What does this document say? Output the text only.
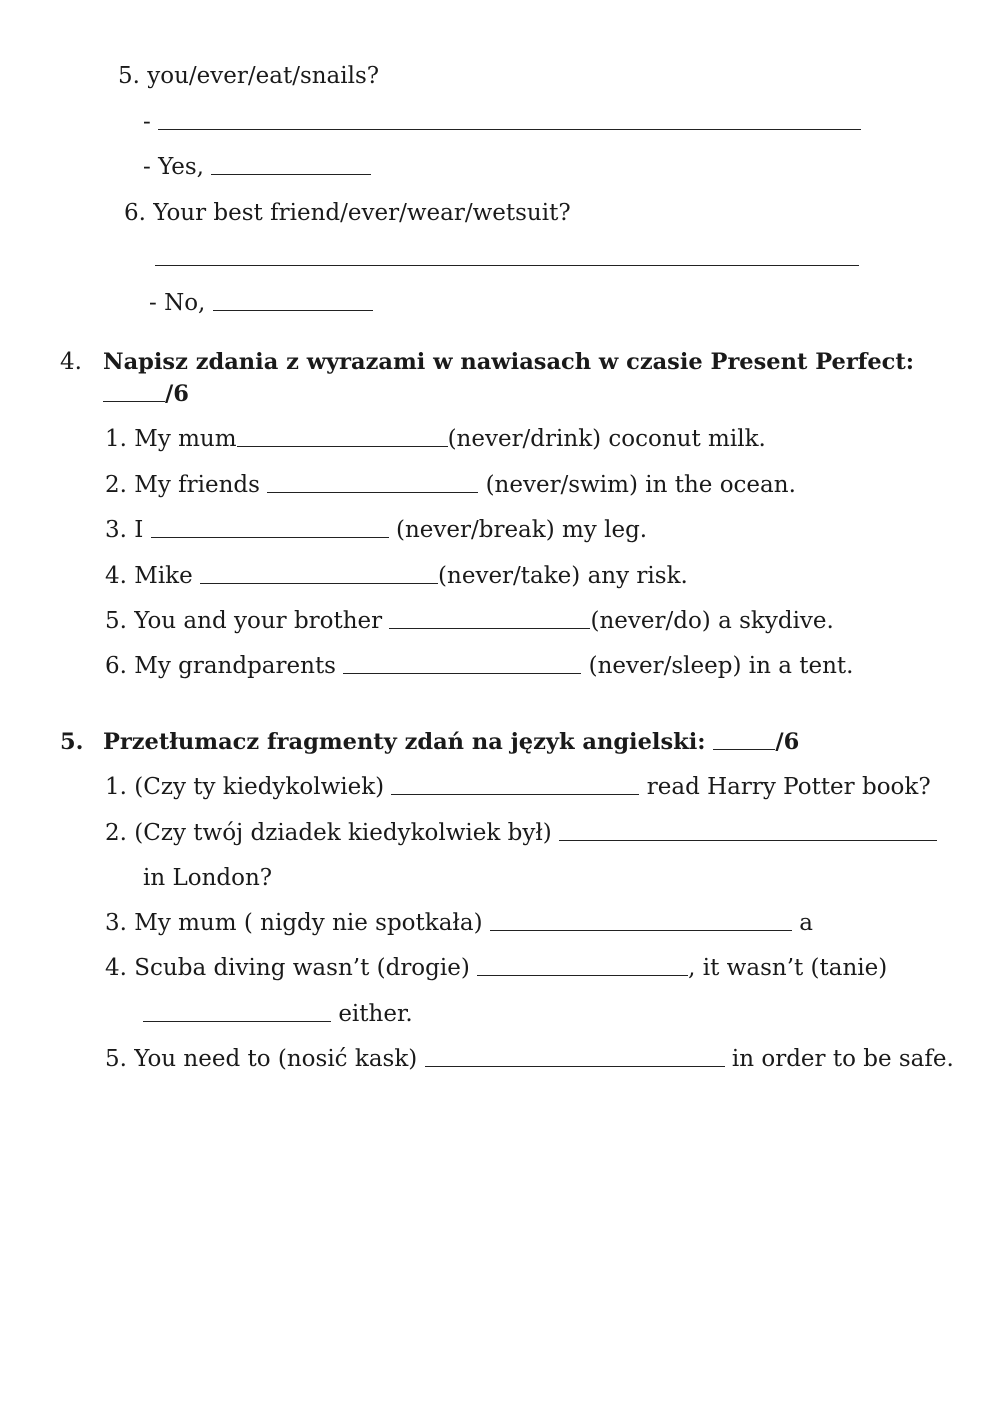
5. you/ever/eat/snails?
-
- Yes,
6. Your best friend/ever/wear/wetsuit?
- No,
4. Napisz zdania z wyrazami w nawiasach w czasie Present Perfect:
/6
1. My mum	(never/drink) coconut milk.
2. My friends	(never/swim) in the ocean.
3. I	(never/break) my leg.
4. Mike	(never/take) any risk.
5. You and your brother	(never/do) a skydive.
6. My grandparents	(never/sleep) in a tent.
5. Przetłumacz fragmenty zdań na język angielski:	/6
1. (Czy ty kiedykolwiek)	read Harry Potter book?
2. (Czy twój dziadek kiedykolwiek był)
in London?
3. My mum ( nigdy nie spotkała)	a
4. Scuba diving wasn’t (drogie)	, it wasn’t (tanie)
either.
5. You need to (nosić kask)	in order to be safe.
